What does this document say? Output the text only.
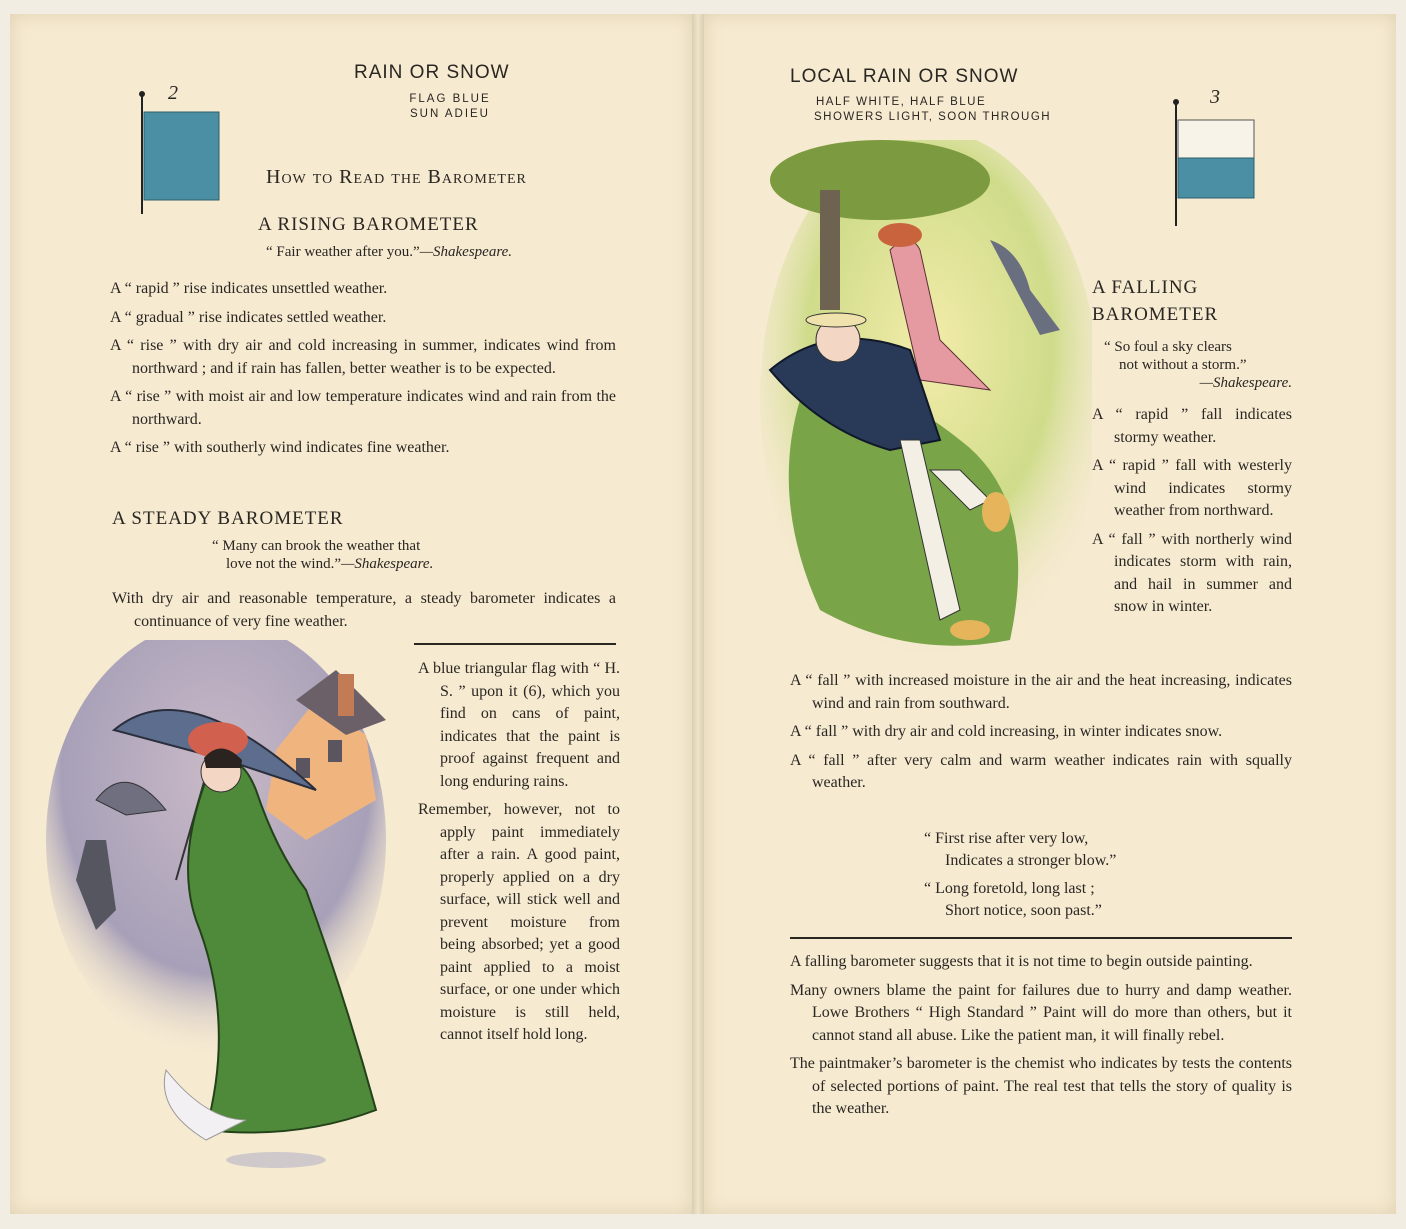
RAIN OR SNOW
FLAG BLUE
SUN ADIEU
2
How to Read the Barometer
A RISING BAROMETER
“ Fair weather after you.”—Shakespeare.

A “ rapid ” rise indicates unsettled weather.

A “ gradual ” rise indicates settled weather.

A “ rise ” with dry air and cold increasing in summer, indicates wind from northward ; and if rain has fallen, better weather is to be expected.

A “ rise ” with moist air and low temperature indicates wind and rain from the northward.

A “ rise ” with southerly wind indicates fine weather.

A STEADY BAROMETER
“ Many can brook the weather that
love not the wind.”—Shakespeare.

With dry air and reasonable temperature, a steady barometer indicates a continuance of very fine weather.

A blue triangular flag with “ H. S. ” upon it (6), which you find on cans of paint, indicates that the paint is proof against frequent and long enduring rains.

Remember, however, not to apply paint immediately after a rain. A good paint, properly applied on a dry surface, will stick well and prevent moisture from being absorbed; yet a good paint applied to a moist surface, or one under which moisture is still held, cannot itself hold long.

LOCAL RAIN OR SNOW
HALF WHITE, HALF BLUE
SHOWERS LIGHT, SOON THROUGH
3
A FALLING
BAROMETER
“ So foul a sky clears
not without a storm.”
—Shakespeare.

A “ rapid ” fall indicates stormy weather.

A “ rapid ” fall with westerly wind indicates stormy weather from northward.

A “ fall ” with northerly wind indicates storm with rain, and hail in summer and snow in winter.

A “ fall ” with increased moisture in the air and the heat increasing, indicates wind and rain from southward.

A “ fall ” with dry air and cold increasing, in winter indicates snow.

A “ fall ” after very calm and warm weather indicates rain with squally weather.

“ First rise after very low,
Indicates a stronger blow.”
“ Long foretold, long last ;
Short notice, soon past.”

A falling barometer suggests that it is not time to begin outside painting.

Many owners blame the paint for failures due to hurry and damp weather. Lowe Brothers “ High Standard ” Paint will do more than others, but it cannot stand all abuse. Like the patient man, it will finally rebel.

The paintmaker’s barometer is the chemist who indicates by tests the contents of selected portions of paint. The real test that tells the story of quality is the weather.
